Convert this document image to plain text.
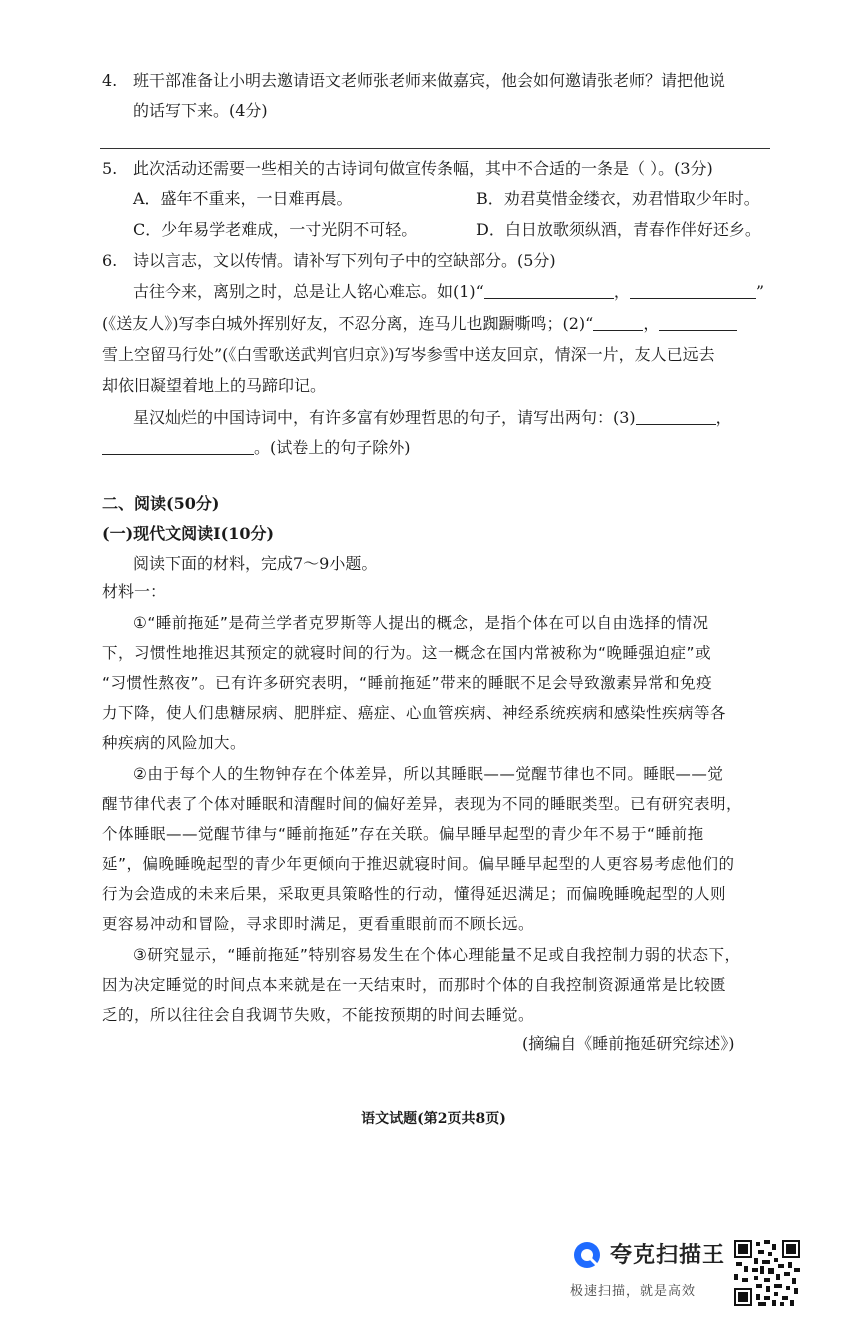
4. 班干部准备让小明去邀请语文老师张老师来做嘉宾，他会如何邀请张老师？请把他说
的话写下来。(4分)
5. 此次活动还需要一些相关的古诗词句做宣传条幅，其中不合适的一条是（ ）。(3分)
A．盛年不重来，一日难再晨。	B．劝君莫惜金缕衣，劝君惜取少年时。
C．少年易学老难成，一寸光阴不可轻。	D．白日放歌须纵酒，青春作伴好还乡。
6. 诗以言志，文以传情。请补写下列句子中的空缺部分。(5分)
古往今来，离别之时，总是让人铭心难忘。如(1)“	，	”
(《送友人》)写李白城外挥别好友，不忍分离，连马儿也踟蹰嘶鸣；(2)“	，
雪上空留马行处”(《白雪歌送武判官归京》)写岑参雪中送友回京，情深一片，友人已远去
却依旧凝望着地上的马蹄印记。
星汉灿烂的中国诗词中，有许多富有妙理哲思的句子，请写出两句：(3)	，
。(试卷上的句子除外)
二、阅读(50分)
(一)现代文阅读Ⅰ(10分)
阅读下面的材料，完成7～9小题。
材料一：
①“睡前拖延”是荷兰学者克罗斯等人提出的概念，是指个体在可以自由选择的情况
下，习惯性地推迟其预定的就寝时间的行为。这一概念在国内常被称为“晚睡强迫症”或
“习惯性熬夜”。已有许多研究表明，“睡前拖延”带来的睡眠不足会导致激素异常和免疫
力下降，使人们患糖尿病、肥胖症、癌症、心血管疾病、神经系统疾病和感染性疾病等各
种疾病的风险加大。
②由于每个人的生物钟存在个体差异，所以其睡眠——觉醒节律也不同。睡眠——觉
醒节律代表了个体对睡眠和清醒时间的偏好差异，表现为不同的睡眠类型。已有研究表明，
个体睡眠——觉醒节律与“睡前拖延”存在关联。偏早睡早起型的青少年不易于“睡前拖
延”，偏晚睡晚起型的青少年更倾向于推迟就寝时间。偏早睡早起型的人更容易考虑他们的
行为会造成的未来后果，采取更具策略性的行动，懂得延迟满足；而偏晚睡晚起型的人则
更容易冲动和冒险，寻求即时满足，更看重眼前而不顾长远。
③研究显示，“睡前拖延”特别容易发生在个体心理能量不足或自我控制力弱的状态下，
因为决定睡觉的时间点本来就是在一天结束时，而那时个体的自我控制资源通常是比较匮
乏的，所以往往会自我调节失败，不能按预期的时间去睡觉。
(摘编自《睡前拖延研究综述》)
语文试题(第2页共8页)
夸克扫描王
极速扫描，就是高效
